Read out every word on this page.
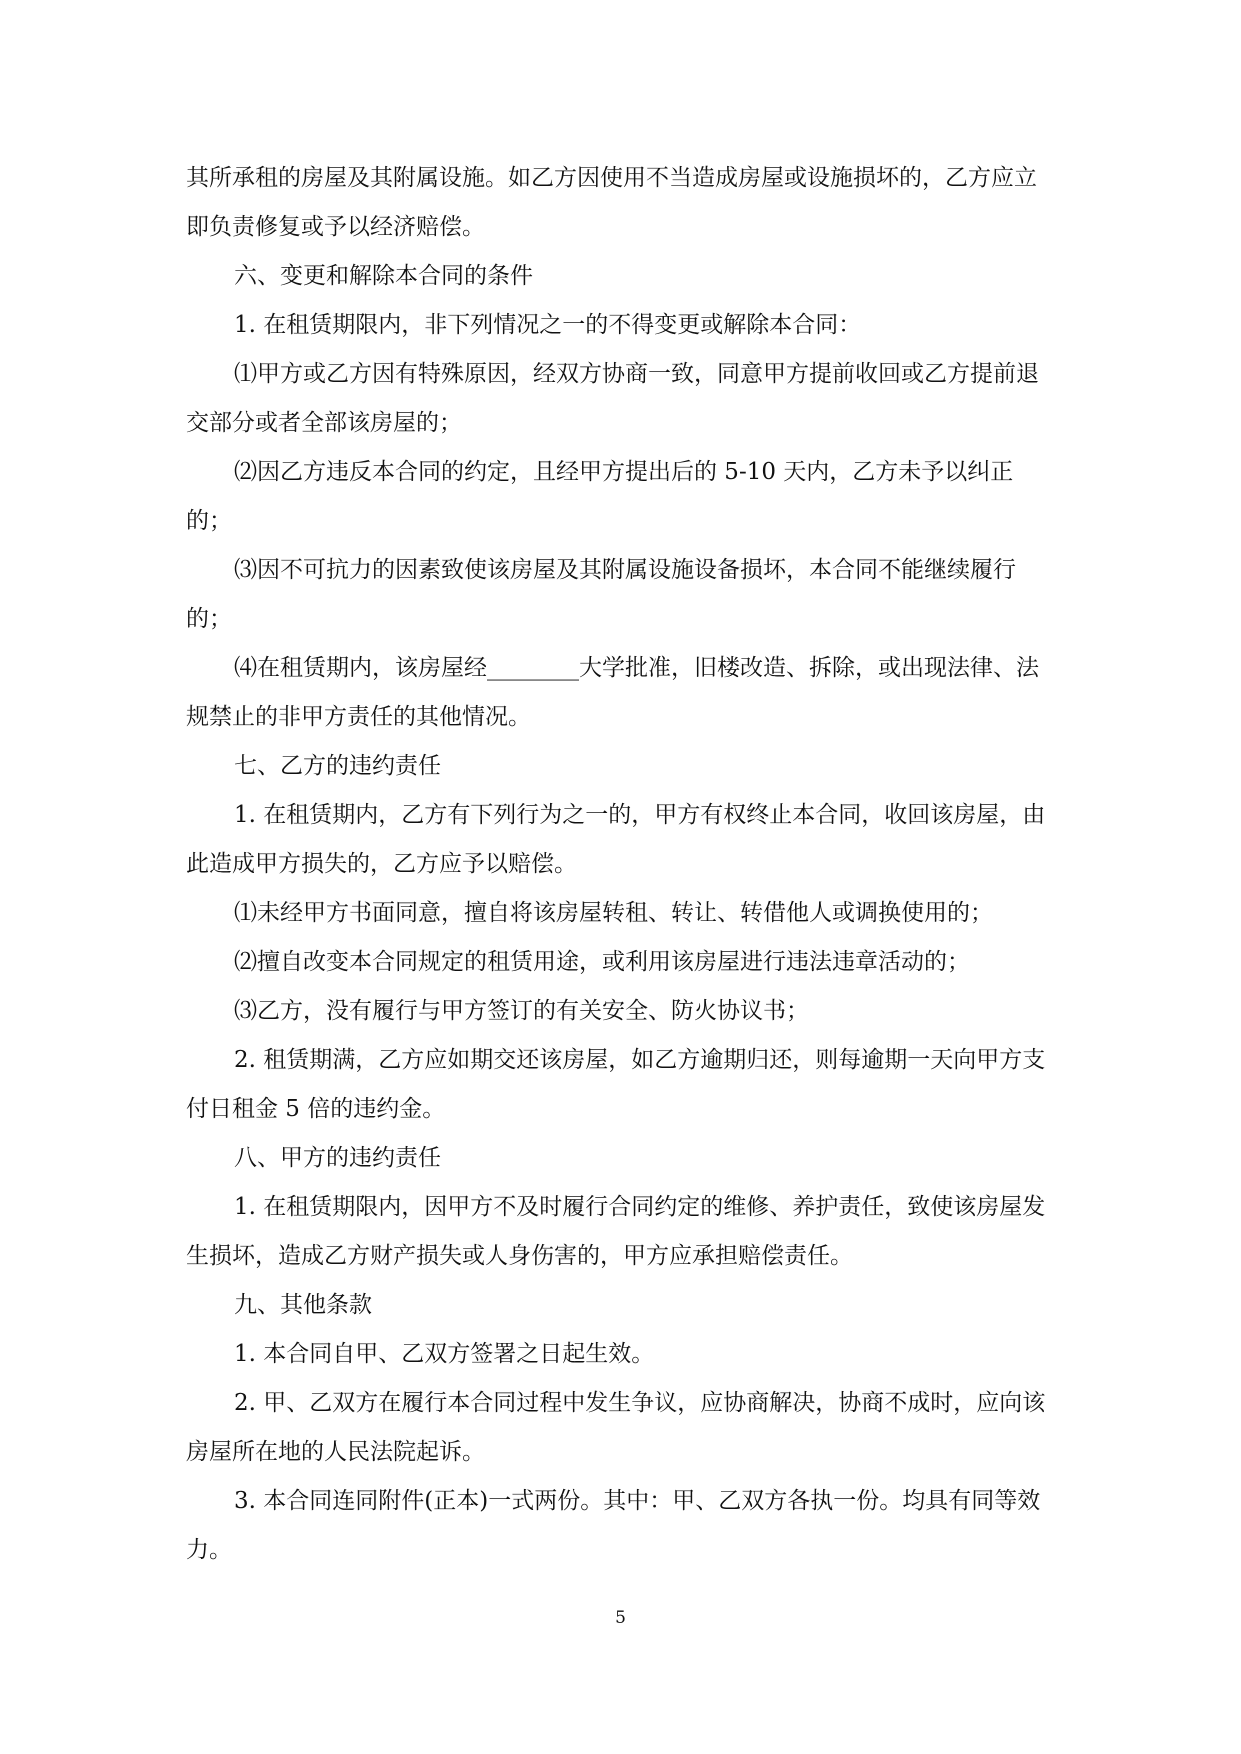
其所承租的房屋及其附属设施。如乙方因使用不当造成房屋或设施损坏的，乙方应立即负责修复或予以经济赔偿。

六、变更和解除本合同的条件

1. 在租赁期限内，非下列情况之一的不得变更或解除本合同：

⑴甲方或乙方因有特殊原因，经双方协商一致，同意甲方提前收回或乙方提前退交部分或者全部该房屋的；

⑵因乙方违反本合同的约定，且经甲方提出后的 5-10 天内，乙方未予以纠正的；

⑶因不可抗力的因素致使该房屋及其附属设施设备损坏，本合同不能继续履行的；

⑷在租赁期内，该房屋经________大学批准，旧楼改造、拆除，或出现法律、法规禁止的非甲方责任的其他情况。

七、乙方的违约责任

1. 在租赁期内，乙方有下列行为之一的，甲方有权终止本合同，收回该房屋，由此造成甲方损失的，乙方应予以赔偿。

⑴未经甲方书面同意，擅自将该房屋转租、转让、转借他人或调换使用的；

⑵擅自改变本合同规定的租赁用途，或利用该房屋进行违法违章活动的；

⑶乙方，没有履行与甲方签订的有关安全、防火协议书；

2. 租赁期满，乙方应如期交还该房屋，如乙方逾期归还，则每逾期一天向甲方支付日租金 5 倍的违约金。

八、甲方的违约责任

1. 在租赁期限内，因甲方不及时履行合同约定的维修、养护责任，致使该房屋发生损坏，造成乙方财产损失或人身伤害的，甲方应承担赔偿责任。

九、其他条款

1. 本合同自甲、乙双方签署之日起生效。

2. 甲、乙双方在履行本合同过程中发生争议，应协商解决，协商不成时，应向该房屋所在地的人民法院起诉。

3. 本合同连同附件(正本)一式两份。其中：甲、乙双方各执一份。均具有同等效力。

5
